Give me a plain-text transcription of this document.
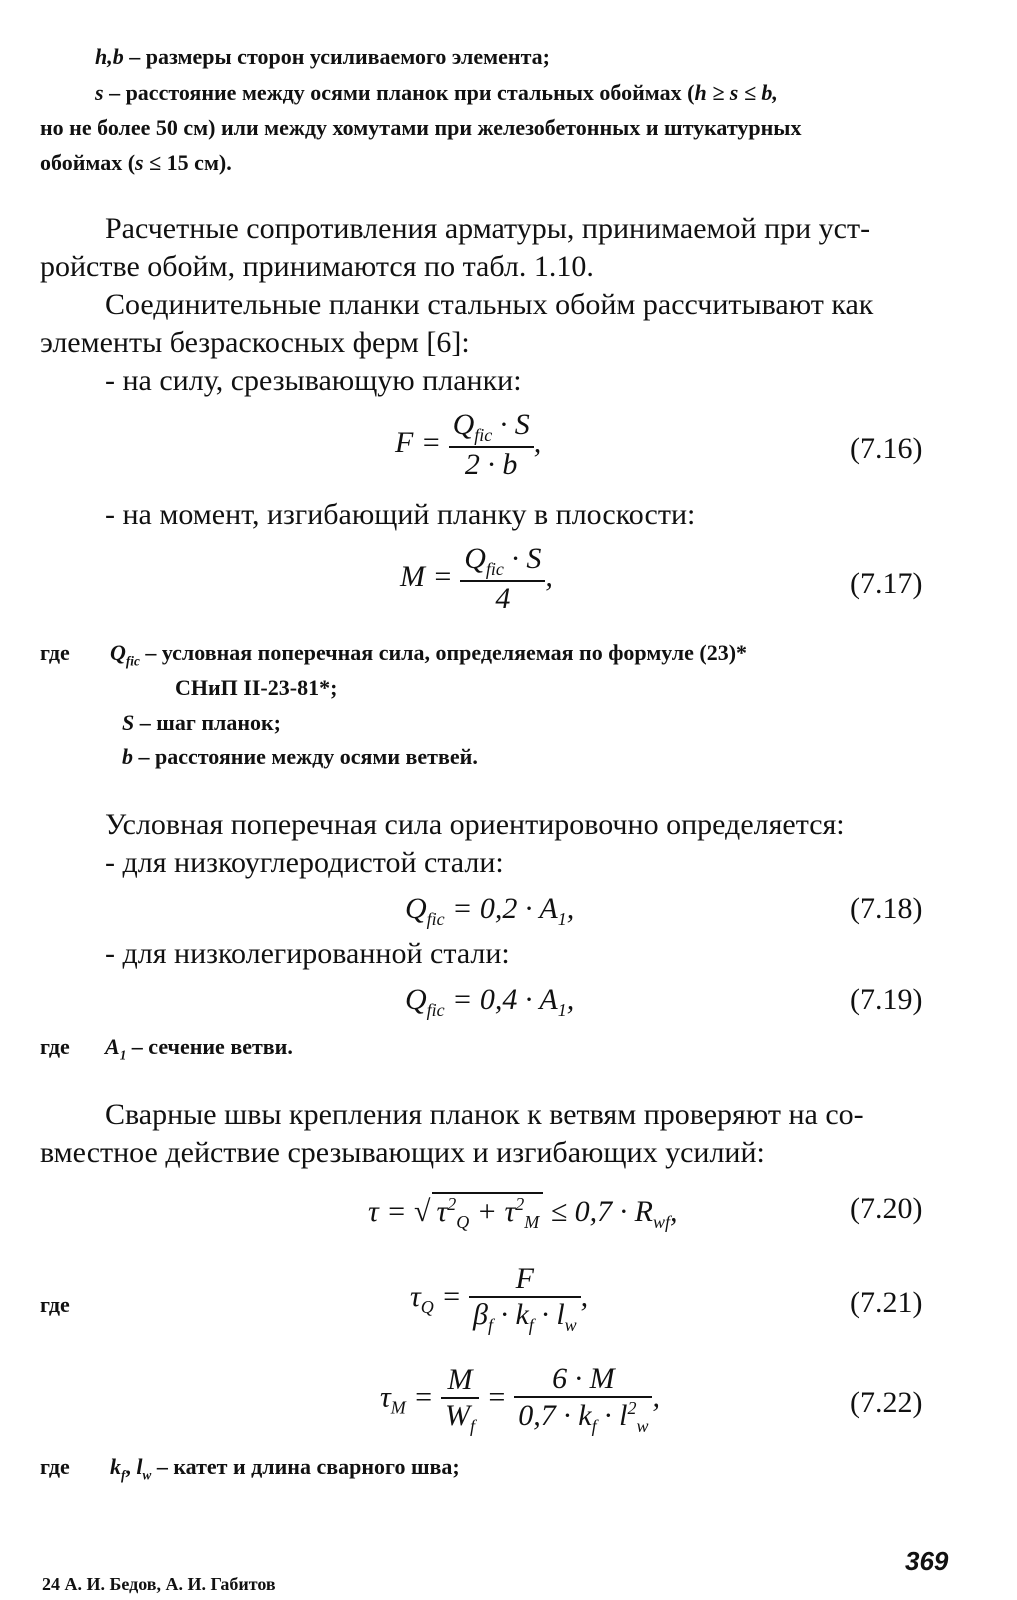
h,b – размеры сторон усиливаемого элемента;
s – расстояние между осями планок при стальных обоймах (h ≥ s ≤ b,
но не более 50 см) или между хомутами при железобетонных и штукатурных
обоймах (s ≤ 15 см).
Расчетные сопротивления арматуры, принимаемой при уст-
ройстве обойм, принимаются по табл. 1.10.
Соединительные планки стальных обойм рассчитывают как
элементы безраскосных ферм [6]:
- на силу, срезывающую планки:
$F = \frac{Q_{fic} \cdot S}{2 \cdot b}$ ,	(7.16)
- на момент, изгибающий планку в плоскости:
$M = \frac{Q_{fic} \cdot S}{4}$ ,	(7.17)
где $Q_{fic}$ – условная поперечная сила, определяемая по формуле (23)*
СНиП II-23-81*;
S – шаг планок;
b – расстояние между осями ветвей.
Условная поперечная сила ориентировочно определяется:
- для низкоуглеродистой стали:
$Q_{fic} = 0,2 \cdot A_1$,	(7.18)
- для низколегированной стали:
$Q_{fic} = 0,4 \cdot A_1$,	(7.19)
где $A_1$ – сечение ветви.
Сварные швы крепления планок к ветвям проверяют на со-
вместное действие срезывающих и изгибающих усилий:
τ = √ $\tau^2_Q + \tau^2_M \le 0,7 \cdot R_{wf}$,	(7.20)
где	$\tau_Q = \frac{F}{\beta_f \cdot k_f \cdot l_w}$ ,	(7.21)
$\tau_M = \frac{M}{W_f} = \frac{6 \cdot M}{0,7 \cdot k_f \cdot l^2_w}$ ,	(7.22)
где $k_f$, $l_w$ – катет и длина сварного шва;
369
24 А. И. Бедов, А. И. Габитов
